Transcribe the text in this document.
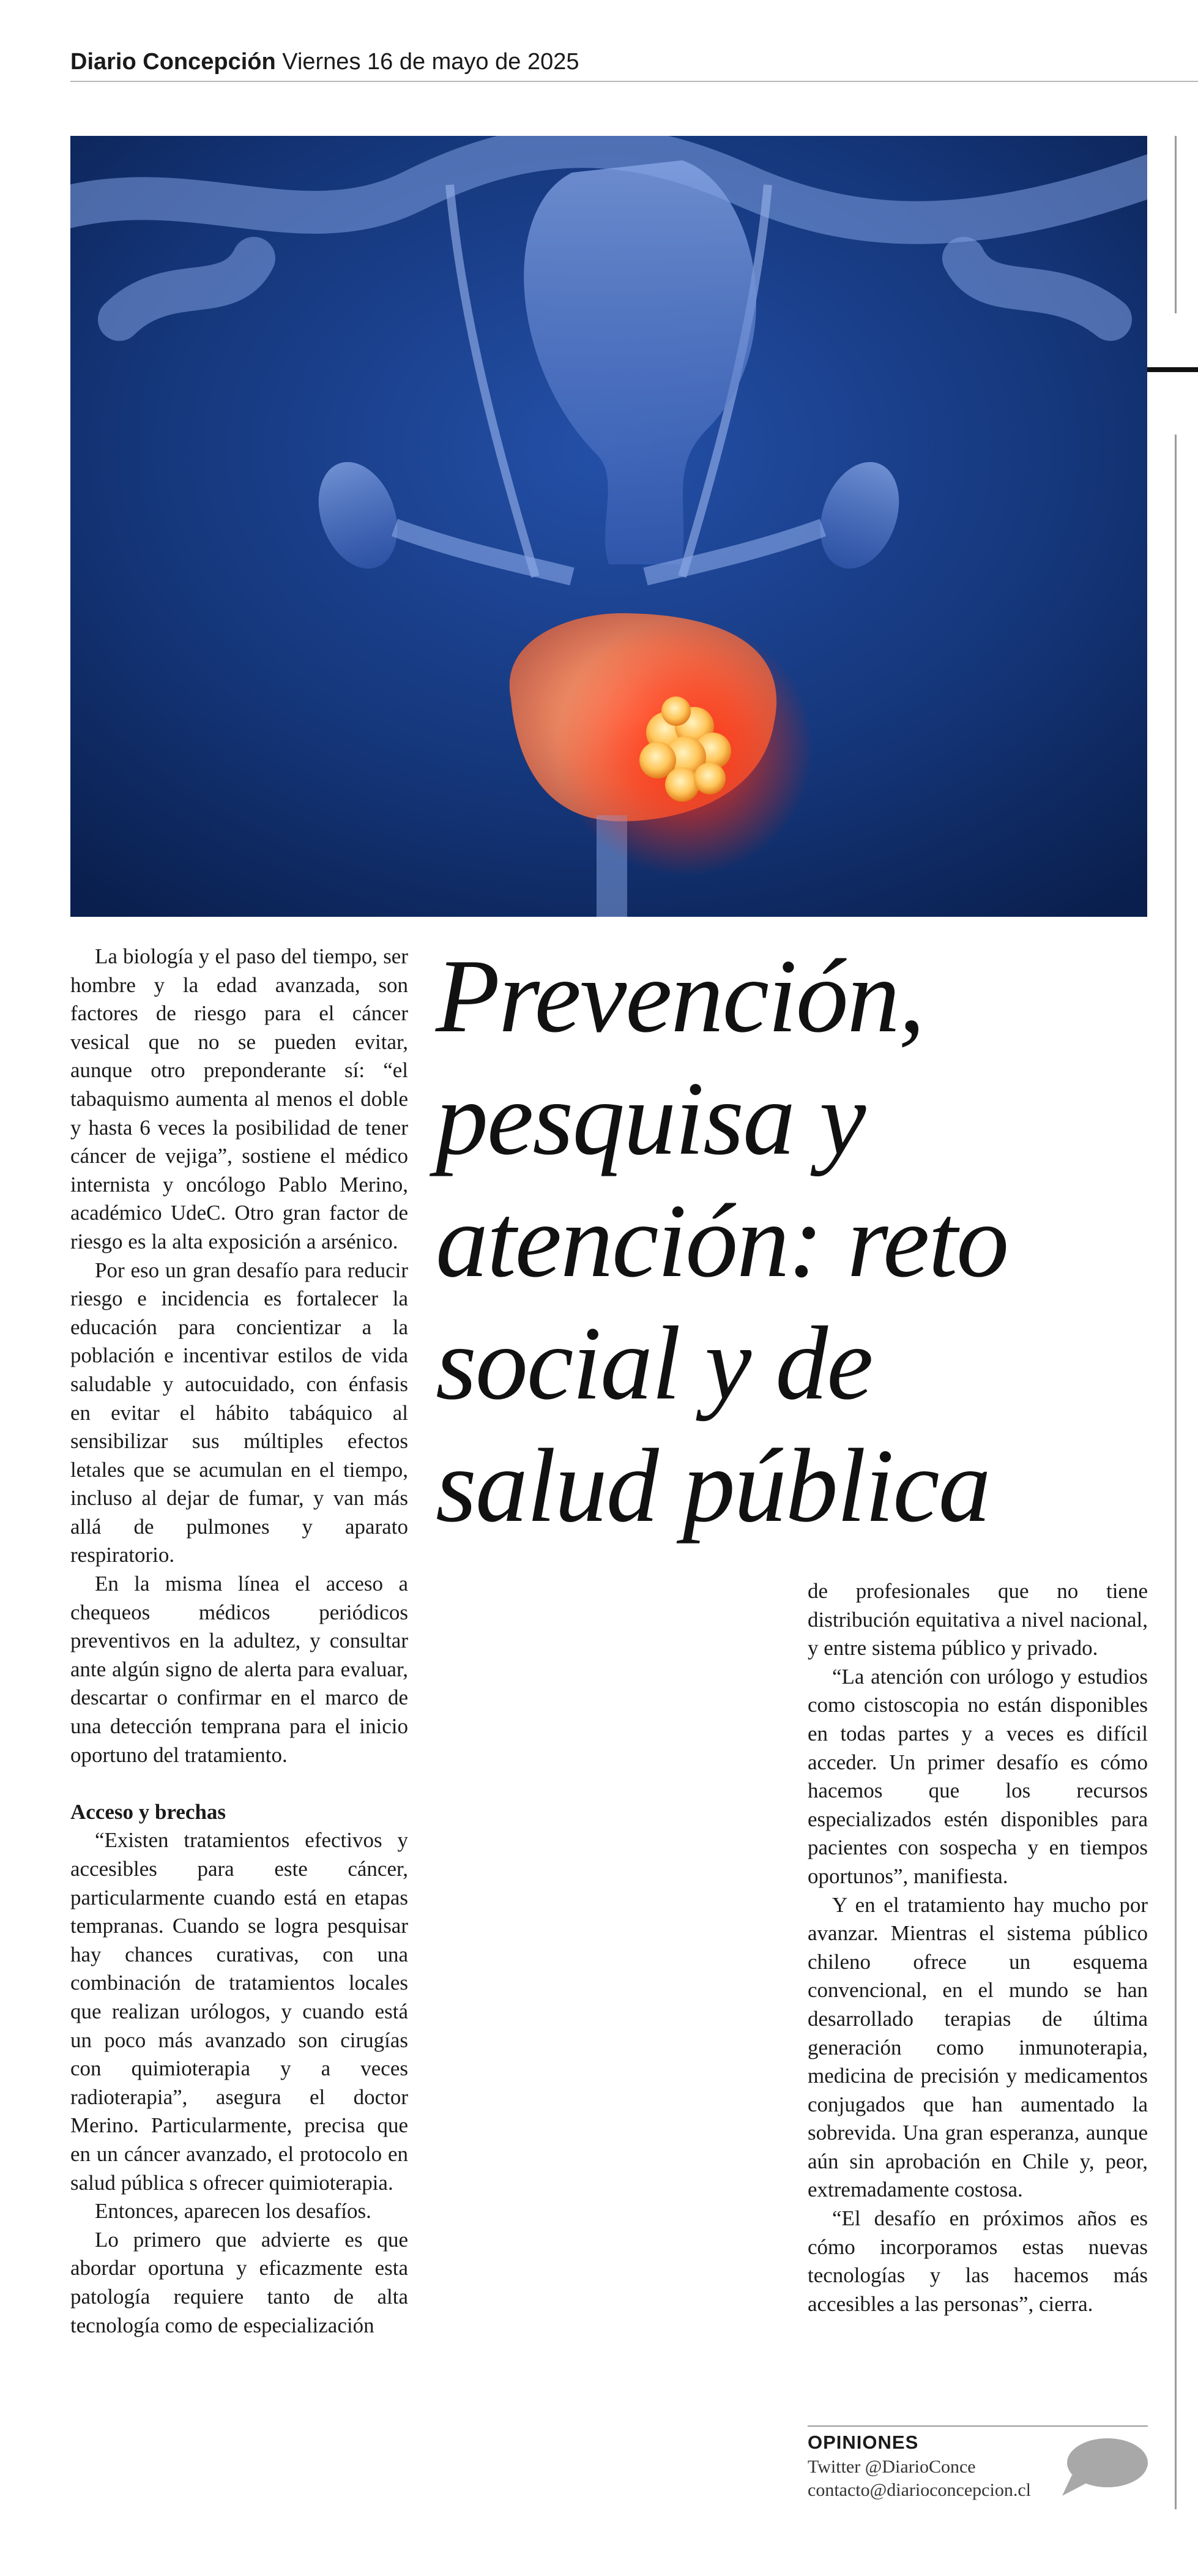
Diario Concepción Viernes 16 de mayo de 2025
Prevención,
pesquisa y
atención: reto
social y de
salud pública

La biología y el paso del tiempo, ser hombre y la edad avanzada, son factores de riesgo para el cáncer vesical que no se pueden evitar, aunque otro preponderante sí: “el tabaquismo aumenta al menos el doble y hasta 6 veces la posibilidad de tener cáncer de vejiga”, sostiene el médico internista y oncólogo Pablo Merino, académico UdeC. Otro gran factor de riesgo es la alta exposición a arsénico.

Por eso un gran desafío para reducir riesgo e incidencia es fortalecer la educación para concientizar a la población e incentivar estilos de vida saludable y autocuidado, con énfasis en evitar el hábito tabáquico al sensibilizar sus múltiples efectos letales que se acumulan en el tiempo, incluso al dejar de fumar, y van más allá de pulmones y aparato respiratorio.

En la misma línea el acceso a chequeos médicos periódicos preventivos en la adultez, y consultar ante algún signo de alerta para evaluar, descartar o confirmar en el marco de una detección temprana para el inicio oportuno del tratamiento.

Acceso y brechas

“Existen tratamientos efectivos y accesibles para este cáncer, particularmente cuando está en etapas tempranas. Cuando se logra pesquisar hay chances curativas, con una combinación de tratamientos locales que realizan urólogos, y cuando está un poco más avanzado son cirugías con quimioterapia y a veces radioterapia”, asegura el doctor Merino. Particularmente, precisa que en un cáncer avanzado, el protocolo en salud pública s ofrecer quimioterapia.

Entonces, aparecen los desafíos.

Lo primero que advierte es que abordar oportuna y eficazmente esta patología requiere tanto de alta tecnología como de especialización

de profesionales que no tiene distribución equitativa a nivel nacional, y entre sistema público y privado.

“La atención con urólogo y estudios como cistoscopia no están disponibles en todas partes y a veces es difícil acceder. Un primer desafío es cómo hacemos que los recursos especializados estén disponibles para pacientes con sospecha y en tiempos oportunos”, manifiesta.

Y en el tratamiento hay mucho por avanzar. Mientras el sistema público chileno ofrece un esquema convencional, en el mundo se han desarrollado terapias de última generación como inmunoterapia, medicina de precisión y medicamentos conjugados que han aumentado la sobrevida. Una gran esperanza, aunque aún sin aprobación en Chile y, peor, extremadamente costosa.

“El desafío en próximos años es cómo incorporamos estas nuevas tecnologías y las hacemos más accesibles a las personas”, cierra.

OPINIONES
Twitter @DiarioConce
contacto@diarioconcepcion.cl
